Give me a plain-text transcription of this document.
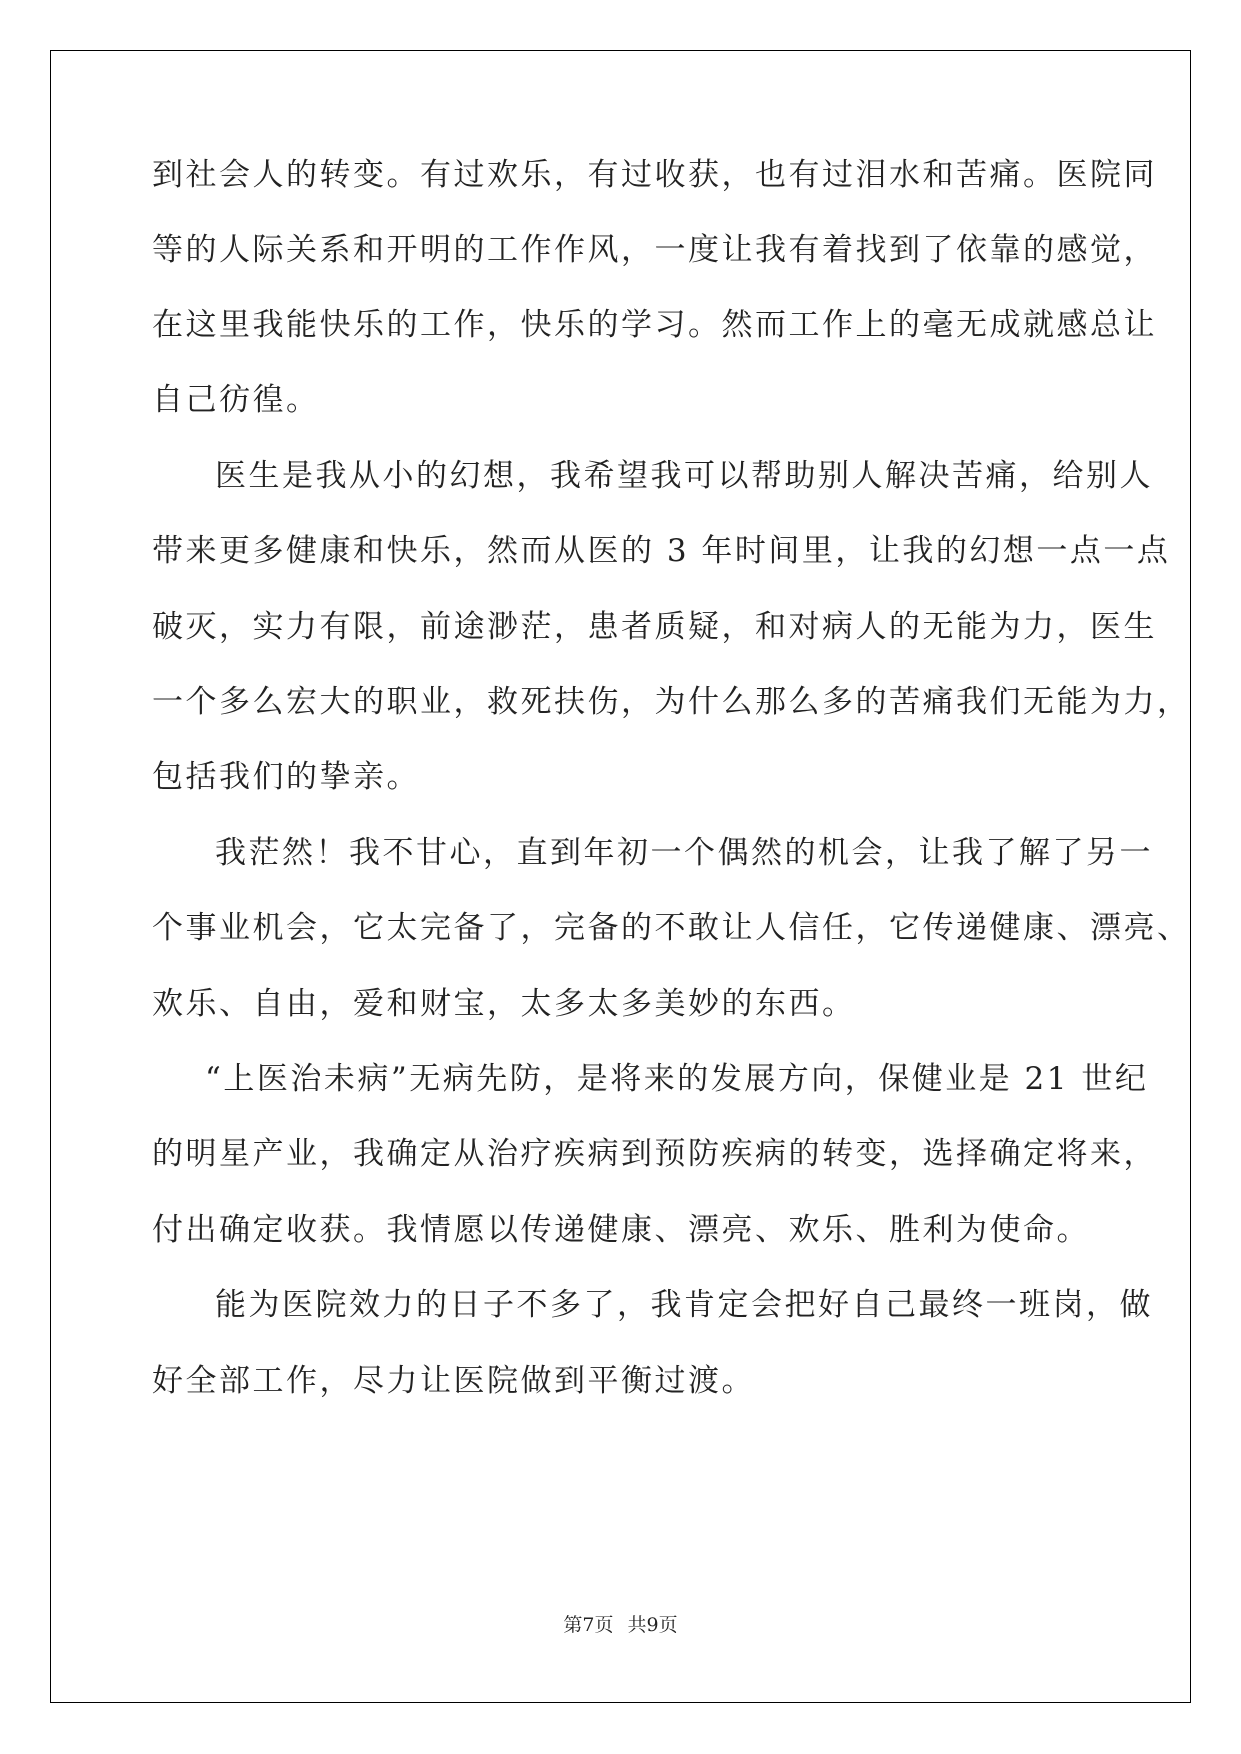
到社会人的转变。有过欢乐，有过收获，也有过泪水和苦痛。医院同
等的人际关系和开明的工作作风，一度让我有着找到了依靠的感觉，
在这里我能快乐的工作，快乐的学习。然而工作上的毫无成就感总让
自己彷徨。
医生是我从小的幻想，我希望我可以帮助别人解决苦痛，给别人
带来更多健康和快乐，然而从医的 3 年时间里，让我的幻想一点一点
破灭，实力有限，前途渺茫，患者质疑，和对病人的无能为力，医生
一个多么宏大的职业，救死扶伤，为什么那么多的苦痛我们无能为力，
包括我们的挚亲。
我茫然！我不甘心，直到年初一个偶然的机会，让我了解了另一
个事业机会，它太完备了，完备的不敢让人信任，它传递健康、漂亮、
欢乐、自由，爱和财宝，太多太多美妙的东西。
“上医治未病”无病先防，是将来的发展方向，保健业是 21 世纪
的明星产业，我确定从治疗疾病到预防疾病的转变，选择确定将来，
付出确定收获。我情愿以传递健康、漂亮、欢乐、胜利为使命。
能为医院效力的日子不多了，我肯定会把好自己最终一班岗，做
好全部工作，尽力让医院做到平衡过渡。
第7页 共9页
